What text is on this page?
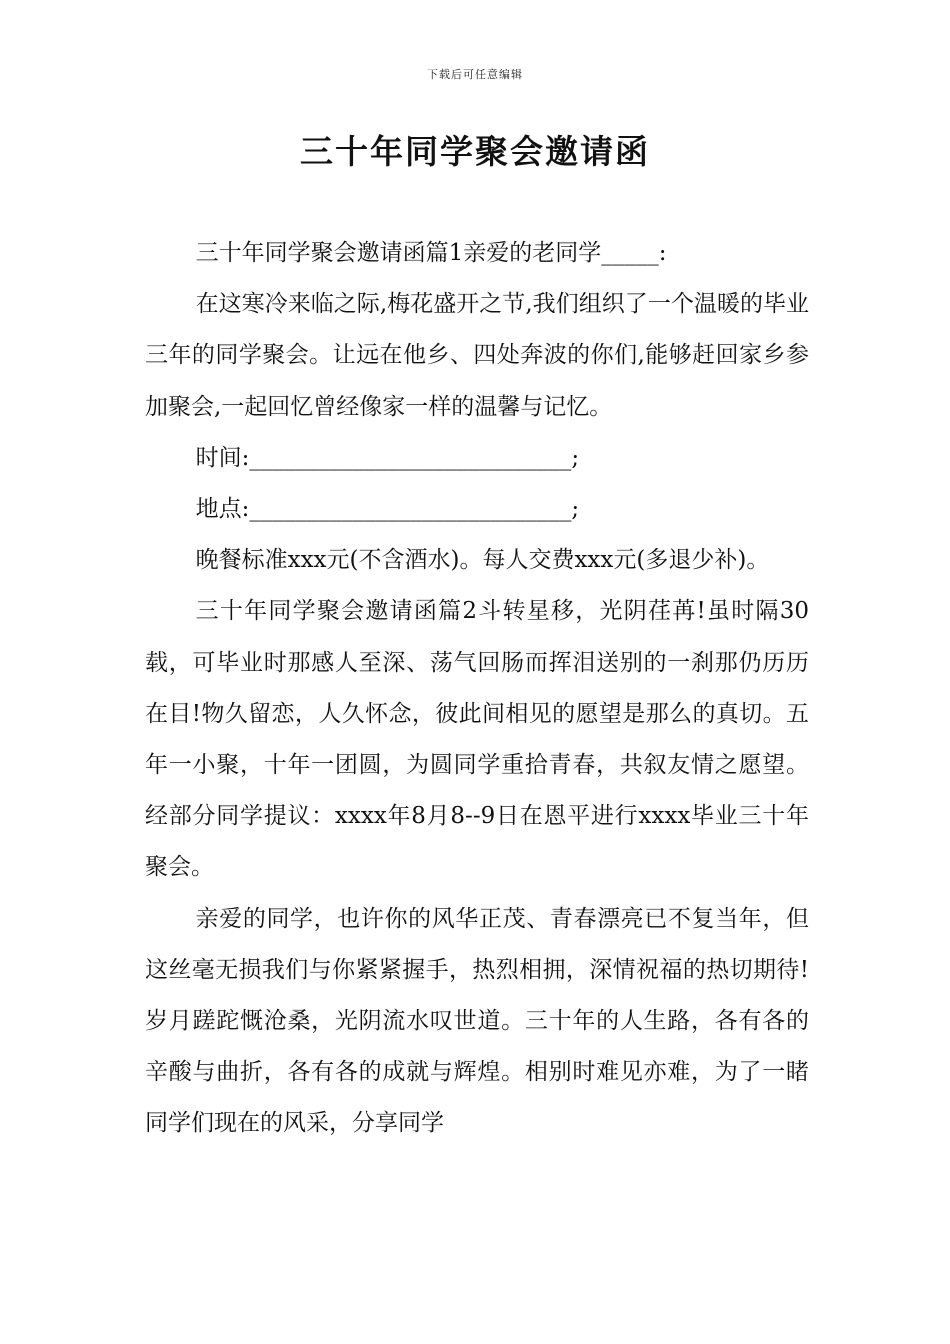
下载后可任意编辑
三十年同学聚会邀请函

三十年同学聚会邀请函篇1亲爱的老同学_____:

在这寒冷来临之际,梅花盛开之节,我们组织了一个温暖的毕业三年的同学聚会。让远在他乡、四处奔波的你们,能够赶回家乡参加聚会,一起回忆曾经像家一样的温馨与记忆。

时间:____________________________;

地点:____________________________;

晚餐标准xxx元(不含酒水)。每人交费xxx元(多退少补)。

三十年同学聚会邀请函篇2斗转星移，光阴荏苒!虽时隔30载，可毕业时那感人至深、荡气回肠而挥泪送别的一刹那仍历历在目!物久留恋，人久怀念，彼此间相见的愿望是那么的真切。五年一小聚，十年一团圆，为圆同学重拾青春，共叙友情之愿望。经部分同学提议：xxxx年8月8--9日在恩平进行xxxx毕业三十年聚会。

亲爱的同学，也许你的风华正茂、青春漂亮已不复当年，但这丝毫无损我们与你紧紧握手，热烈相拥，深情祝福的热切期待!岁月蹉跎慨沧桑，光阴流水叹世道。三十年的人生路，各有各的辛酸与曲折，各有各的成就与辉煌。相别时难见亦难，为了一睹同学们现在的风采，分享同学
